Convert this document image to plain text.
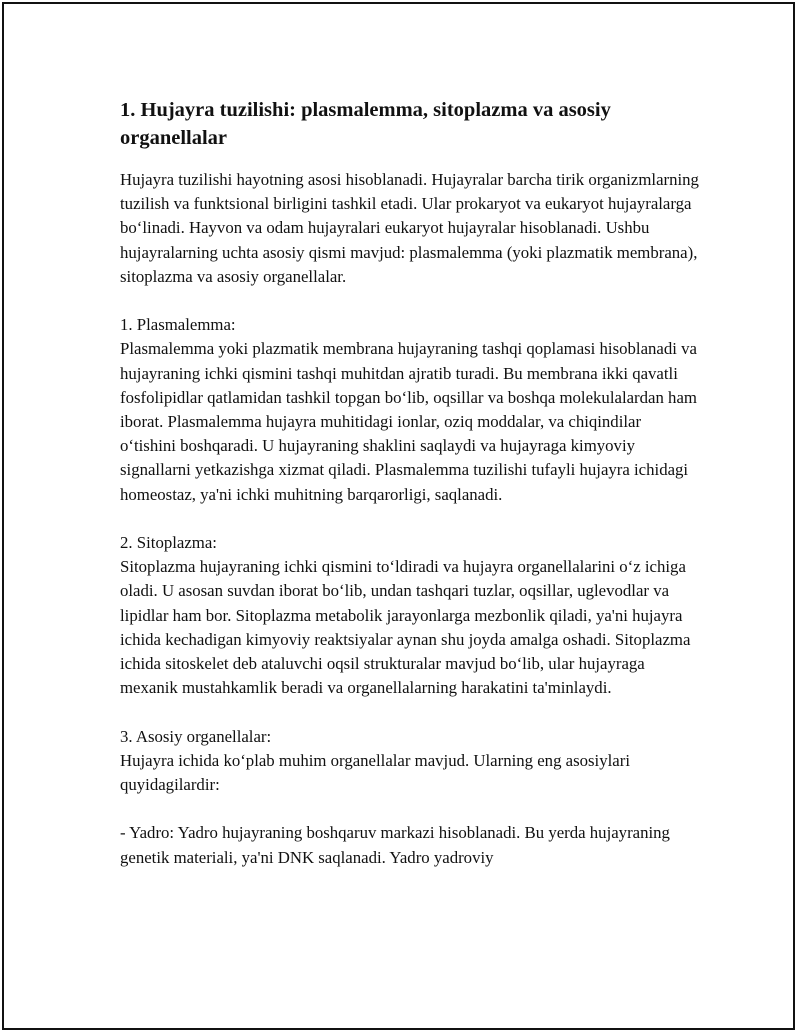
1. Hujayra tuzilishi: plasmalemma, sitoplazma va asosiy organellalar
Hujayra tuzilishi hayotning asosi hisoblanadi. Hujayralar barcha tirik organizmlarning tuzilish va funktsional birligini tashkil etadi. Ular prokaryot va eukaryot hujayralarga bo‘linadi. Hayvon va odam hujayralari eukaryot hujayralar hisoblanadi. Ushbu hujayralarning uchta asosiy qismi mavjud: plasmalemma (yoki plazmatik membrana), sitoplazma va asosiy organellalar.

1. Plasmalemma:
Plasmalemma yoki plazmatik membrana hujayraning tashqi qoplamasi hisoblanadi va hujayraning ichki qismini tashqi muhitdan ajratib turadi. Bu membrana ikki qavatli fosfolipidlar qatlamidan tashkil topgan bo‘lib, oqsillar va boshqa molekulalardan ham iborat. Plasmalemma hujayra muhitidagi ionlar, oziq moddalar, va chiqindilar o‘tishini boshqaradi. U hujayraning shaklini saqlaydi va hujayraga kimyoviy signallarni yetkazishga xizmat qiladi. Plasmalemma tuzilishi tufayli hujayra ichidagi homeostaz, ya'ni ichki muhitning barqarorligi, saqlanadi.

2. Sitoplazma:
Sitoplazma hujayraning ichki qismini to‘ldiradi va hujayra organellalarini o‘z ichiga oladi. U asosan suvdan iborat bo‘lib, undan tashqari tuzlar, oqsillar, uglevodlar va lipidlar ham bor. Sitoplazma metabolik jarayonlarga mezbonlik qiladi, ya'ni hujayra ichida kechadigan kimyoviy reaktsiyalar aynan shu joyda amalga oshadi. Sitoplazma ichida sitoskelet deb ataluvchi oqsil strukturalar mavjud bo‘lib, ular hujayraga mexanik mustahkamlik beradi va organellalarning harakatini ta'minlaydi.

3. Asosiy organellalar:
Hujayra ichida ko‘plab muhim organellalar mavjud. Ularning eng asosiylari quyidagilardir:

- Yadro: Yadro hujayraning boshqaruv markazi hisoblanadi. Bu yerda hujayraning genetik materiali, ya'ni DNK saqlanadi. Yadro yadroviy
